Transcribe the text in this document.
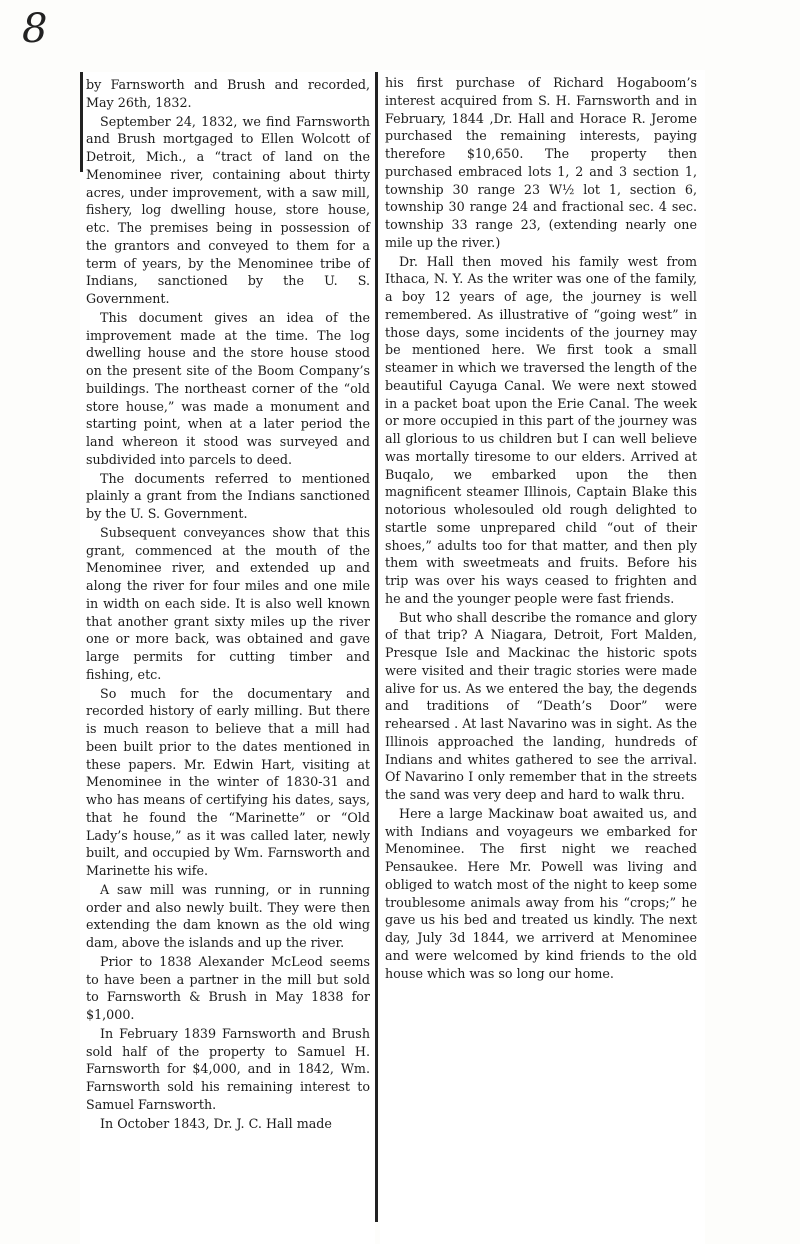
8

by Farnsworth and Brush and recorded, May 26th, 1832.

September 24, 1832, we find Farnsworth and Brush mortgaged to Ellen Wolcott of Detroit, Mich., a “tract of land on the Menominee river, containing about thirty acres, under improvement, with a saw mill, fishery, log dwelling house, store house, etc. The premises being in possession of the grantors and conveyed to them for a term of years, by the Menominee tribe of Indians, sanctioned by the U. S. Government.

This document gives an idea of the improvement made at the time. The log dwelling house and the store house stood on the present site of the Boom Company’s buildings. The northeast corner of the “old store house,” was made a monument and starting point, when at a later period the land whereon it stood was surveyed and subdivided into parcels to deed.

The documents referred to mentioned plainly a grant from the Indians sanctioned by the U. S. Government.

Subsequent conveyances show that this grant, commenced at the mouth of the Menominee river, and extended up and along the river for four miles and one mile in width on each side. It is also well known that another grant sixty miles up the river one or more back, was obtained and gave large permits for cutting timber and fishing, etc.

So much for the documentary and recorded history of early milling. But there is much reason to believe that a mill had been built prior to the dates mentioned in these papers. Mr. Edwin Hart, visiting at Menominee in the winter of 1830-31 and who has means of certifying his dates, says, that he found the “Marinette” or “Old Lady’s house,” as it was called later, newly built, and occupied by Wm. Farnsworth and Marinette his wife.

A saw mill was running, or in running order and also newly built. They were then extending the dam known as the old wing dam, above the islands and up the river.

Prior to 1838 Alexander McLeod seems to have been a partner in the mill but sold to Farnsworth & Brush in May 1838 for $1,000.

In February 1839 Farnsworth and Brush sold half of the property to Samuel H. Farnsworth for $4,000, and in 1842, Wm. Farnsworth sold his remaining interest to Samuel Farnsworth.

In October 1843, Dr. J. C. Hall made

his first purchase of Richard Hogaboom’s interest acquired from S. H. Farnsworth and in February, 1844 ,Dr. Hall and Horace R. Jerome purchased the remaining interests, paying therefore $10,650. The property then purchased embraced lots 1, 2 and 3 section 1, township 30 range 23 W½ lot 1, section 6, township 30 range 24 and fractional sec. 4 sec. township 33 range 23, (extending nearly one mile up the river.)

Dr. Hall then moved his family west from Ithaca, N. Y. As the writer was one of the family, a boy 12 years of age, the journey is well remembered. As illustrative of “going west” in those days, some incidents of the journey may be mentioned here. We first took a small steamer in which we traversed the length of the beautiful Cayuga Canal. We were next stowed in a packet boat upon the Erie Canal. The week or more occupied in this part of the journey was all glorious to us children but I can well believe was mortally tiresome to our elders. Arrived at Buqalo, we embarked upon the then magnificent steamer Illinois, Captain Blake this notorious wholesouled old rough delighted to startle some unprepared child “out of their shoes,” adults too for that matter, and then ply them with sweetmeats and fruits. Before his trip was over his ways ceased to frighten and he and the younger people were fast friends.

But who shall describe the romance and glory of that trip? A Niagara, Detroit, Fort Malden, Presque Isle and Mackinac the historic spots were visited and their tragic stories were made alive for us. As we entered the bay, the degends and traditions of “Death’s Door” were rehearsed . At last Navarino was in sight. As the Illinois approached the landing, hundreds of Indians and whites gathered to see the arrival. Of Navarino I only remember that in the streets the sand was very deep and hard to walk thru.

Here a large Mackinaw boat awaited us, and with Indians and voyageurs we embarked for Menominee. The first night we reached Pensaukee. Here Mr. Powell was living and obliged to watch most of the night to keep some troublesome animals away from his “crops;” he gave us his bed and treated us kindly. The next day, July 3d 1844, we arriverd at Menominee and were welcomed by kind friends to the old house which was so long our home.
